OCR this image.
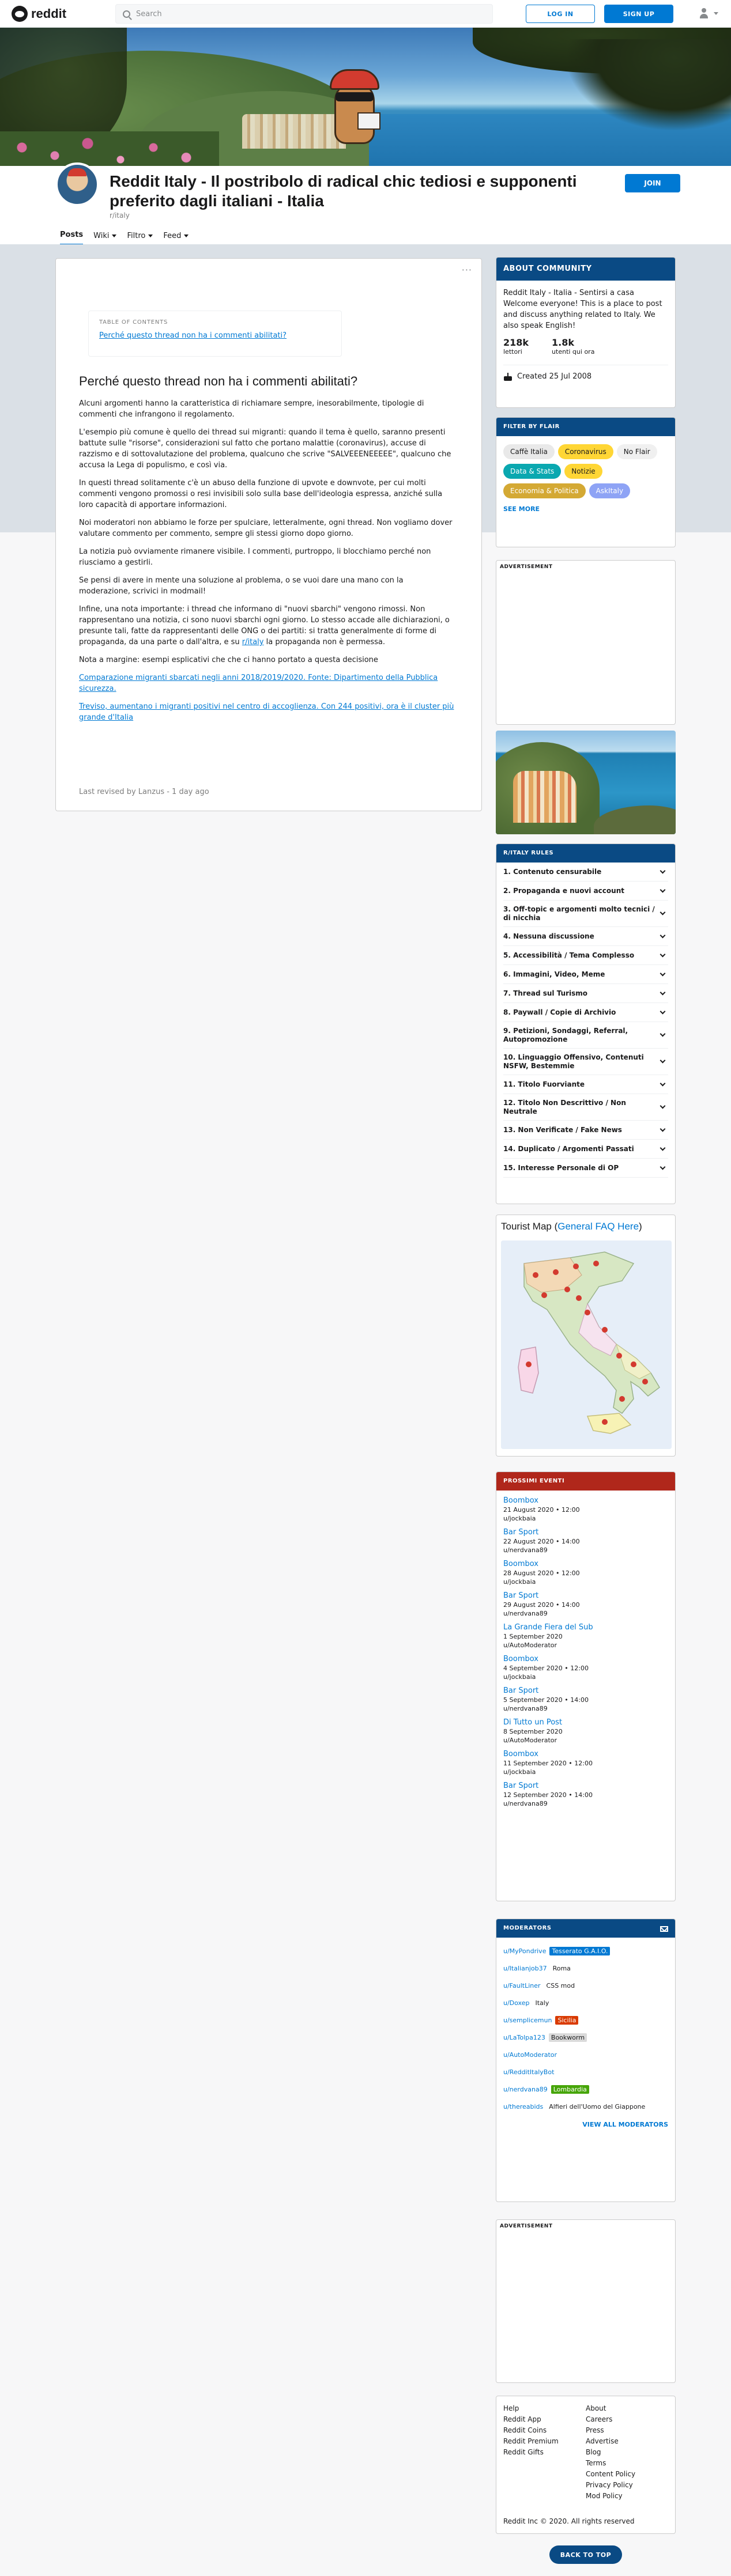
reddit	Search	LOG IN	SIGN UP
Reddit Italy - Il postribolo di radical chic tediosi e supponenti preferito dagli italiani - Italia
r/italy
JOIN
Posts Wiki Filtro Feed
···
TABLE OF CONTENTS
Perché questo thread non ha i commenti abilitati?
Perché questo thread non ha i commenti abilitati?

Alcuni argomenti hanno la caratteristica di richiamare sempre, inesorabilmente, tipologie di commenti che infrangono il regolamento.

L'esempio più comune è quello dei thread sui migranti: quando il tema è quello, saranno presenti battute sulle "risorse", considerazioni sul fatto che portano malattie (coronavirus), accuse di razzismo e di sottovalutazione del problema, qualcuno che scrive "SALVEEENEEEEE", qualcuno che accusa la Lega di populismo, e così via.

In questi thread solitamente c'è un abuso della funzione di upvote e downvote, per cui molti commenti vengono promossi o resi invisibili solo sulla base dell'ideologia espressa, anziché sulla loro capacità di apportare informazioni.

Noi moderatori non abbiamo le forze per spulciare, letteralmente, ogni thread. Non vogliamo dover valutare commento per commento, sempre gli stessi giorno dopo giorno.

La notizia può ovviamente rimanere visibile. I commenti, purtroppo, li blocchiamo perché non riusciamo a gestirli.

Se pensi di avere in mente una soluzione al problema, o se vuoi dare una mano con la moderazione, scrivici in modmail!

Infine, una nota importante: i thread che informano di "nuovi sbarchi" vengono rimossi. Non rappresentano una notizia, ci sono nuovi sbarchi ogni giorno. Lo stesso accade alle dichiarazioni, o presunte tali, fatte da rappresentanti delle ONG o dei partiti: si tratta generalmente di forme di propaganda, da una parte o dall'altra, e su r/italy la propaganda non è permessa.

Nota a margine: esempi esplicativi che che ci hanno portato a questa decisione

Comparazione migranti sbarcati negli anni 2018/2019/2020. Fonte: Dipartimento della Pubblica sicurezza.

Treviso, aumentano i migranti positivi nel centro di accoglienza. Con 244 positivi, ora è il cluster più grande d'Italia

Last revised by Lanzus - 1 day ago
ABOUT COMMUNITY
Reddit Italy - Italia - Sentirsi a casa Welcome everyone! This is a place to post and discuss anything related to Italy. We also speak English!
218k
lettori
1.8k
utenti qui ora
Created 25 Jul 2008
FILTER BY FLAIR
Caffè Italia	Coronavirus	No Flair
Data & Stats	Notizie
Economia & Politica	AskItaly
SEE MORE
ADVERTISEMENT
R/ITALY RULES
1. Contenuto censurabile
2. Propaganda e nuovi account
3. Off-topic e argomenti molto tecnici / di nicchia
4. Nessuna discussione
5. Accessibilità / Tema Complesso
6. Immagini, Video, Meme
7. Thread sul Turismo
8. Paywall / Copie di Archivio
9. Petizioni, Sondaggi, Referral, Autopromozione
10. Linguaggio Offensivo, Contenuti NSFW, Bestemmie
11. Titolo Fuorviante
12. Titolo Non Descrittivo / Non Neutrale
13. Non Verificate / Fake News
14. Duplicato / Argomenti Passati
15. Interesse Personale di OP
Tourist Map (General FAQ Here)
PROSSIMI EVENTI
Boombox
21 August 2020 • 12:00
u/jockbaia
Bar Sport
22 August 2020 • 14:00
u/nerdvana89
Boombox
28 August 2020 • 12:00
u/jockbaia
Bar Sport
29 August 2020 • 14:00
u/nerdvana89
La Grande Fiera del Sub
1 September 2020
u/AutoModerator
Boombox
4 September 2020 • 12:00
u/jockbaia
Bar Sport
5 September 2020 • 14:00
u/nerdvana89
Di Tutto un Post
8 September 2020
u/AutoModerator
Boombox
11 September 2020 • 12:00
u/jockbaia
Bar Sport
12 September 2020 • 14:00
u/nerdvana89
MODERATORS
u/MyPondrive Tesserato G.A.I.O.
u/Italianjob37 Roma
u/FaultLiner CSS mod
u/Doxep Italy
u/semplicemun Sicilia
u/LaTolpa123 Bookworm
u/AutoModerator
u/RedditItalyBot
u/nerdvana89 Lombardia
u/thereabids Alfieri dell'Uomo del Giappone
VIEW ALL MODERATORS
ADVERTISEMENT
Help
Reddit App
Reddit Coins
Reddit Premium
Reddit Gifts
About
Careers
Press
Advertise
Blog
Terms
Content Policy
Privacy Policy
Mod Policy
Reddit Inc © 2020. All rights reserved
BACK TO TOP
